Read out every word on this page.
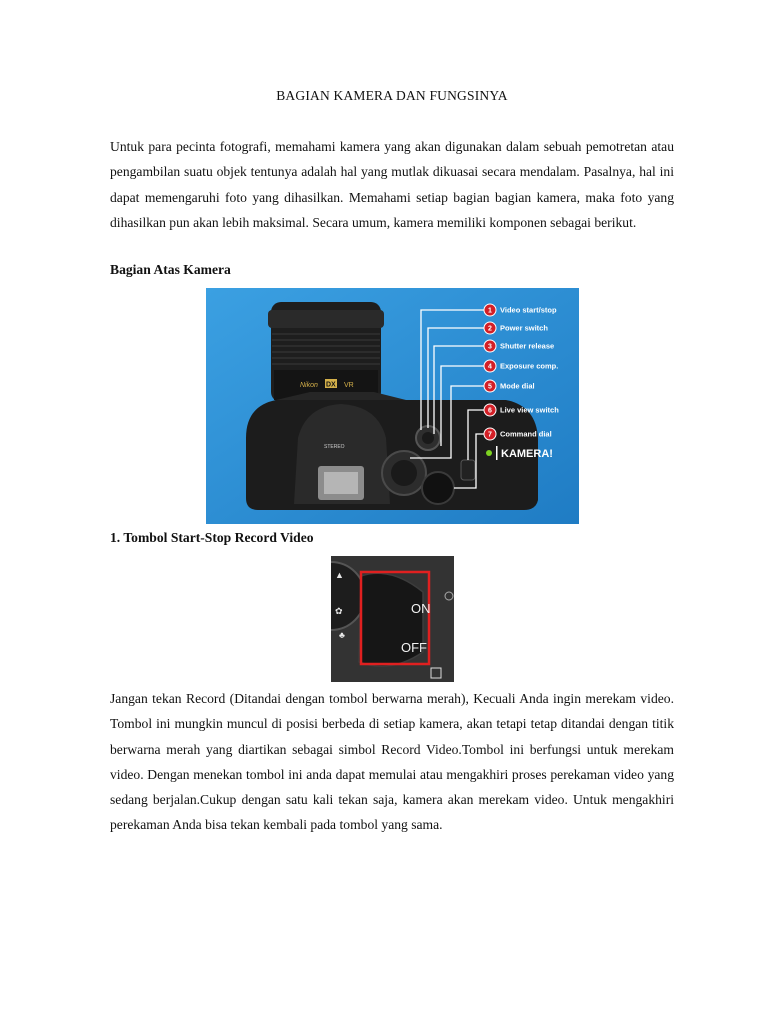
BAGIAN KAMERA DAN FUNGSINYA

Untuk para pecinta fotografi, memahami kamera yang akan digunakan dalam sebuah pemotretan atau pengambilan suatu objek tentunya adalah hal yang mutlak dikuasai secara mendalam. Pasalnya, hal ini dapat memengaruhi foto yang dihasilkan. Memahami setiap bagian bagian kamera, maka foto yang dihasilkan pun akan lebih maksimal. Secara umum, kamera memiliki komponen sebagai berikut.

Bagian Atas Kamera

Nikon DX VR
STEREO
1 Video start/stop
2 Power switch
3 Shutter release
4 Exposure comp.
5 Mode dial
6 Live view switch
7 Command dial
KAMERA!

1. Tombol Start-Stop Record Video

▲
✿
♣
ON
OFF

Jangan tekan Record (Ditandai dengan tombol berwarna merah), Kecuali Anda ingin merekam video. Tombol ini mungkin muncul di posisi berbeda di setiap kamera, akan tetapi tetap ditandai dengan titik berwarna merah yang diartikan sebagai simbol Record Video.Tombol ini berfungsi untuk merekam video. Dengan menekan tombol ini anda dapat memulai atau mengakhiri proses perekaman video yang sedang berjalan.Cukup dengan satu kali tekan saja, kamera akan merekam video. Untuk mengakhiri perekaman Anda bisa tekan kembali pada tombol yang sama.
